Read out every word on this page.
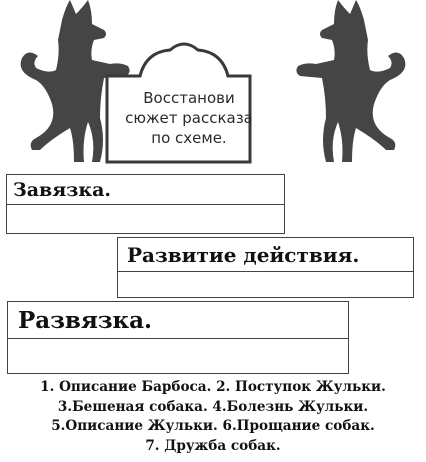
Восстанови
сюжет рассказа
по схеме.
Завязка.
Развитие действия.
Развязка.
1. Описание Барбоса. 2. Поступок Жульки.
3.Бешеная собака. 4.Болезнь Жульки.
5.Описание Жульки. 6.Прощание собак.
7. Дружба собак.
